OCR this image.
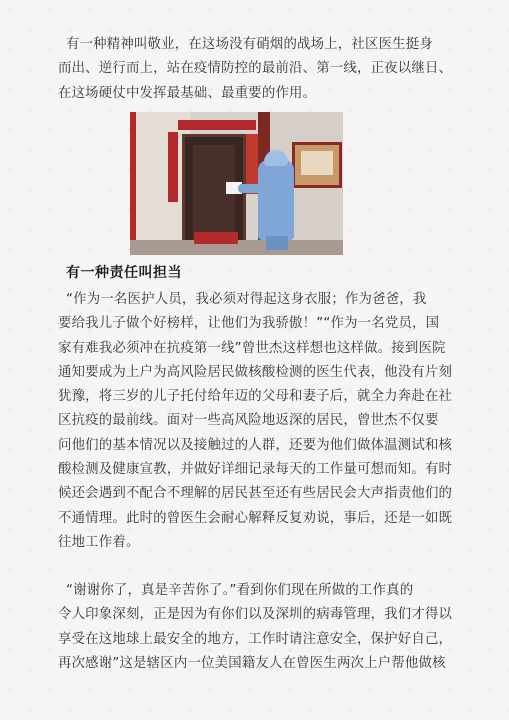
有一种精神叫敬业，在这场没有硝烟的战场上，社区医生挺身
而出、逆行而上，站在疫情防控的最前沿、第一线，正夜以继日、
在这场硬仗中发挥最基础、最重要的作用。

有一种责任叫担当

“作为一名医护人员，我必须对得起这身衣服；作为爸爸，我
要给我儿子做个好榜样，让他们为我骄傲！”“作为一名党员，国
家有难我必须冲在抗疫第一线”曾世杰这样想也这样做。接到医院
通知要成为上户为高风险居民做核酸检测的医生代表，他没有片刻
犹豫，将三岁的儿子托付给年迈的父母和妻子后，就全力奔赴在社
区抗疫的最前线。面对一些高风险地返深的居民，曾世杰不仅要
问他们的基本情况以及接触过的人群，还要为他们做体温测试和核
酸检测及健康宣教，并做好详细记录每天的工作量可想而知。有时
候还会遇到不配合不理解的居民甚至还有些居民会大声指责他们的
不通情理。此时的曾医生会耐心解释反复劝说，事后，还是一如既
往地工作着。

“谢谢你了，真是辛苦你了。”看到你们现在所做的工作真的
令人印象深刻，正是因为有你们以及深圳的病毒管理，我们才得以
享受在这地球上最安全的地方，工作时请注意安全，保护好自己，
再次感谢”这是辖区内一位美国籍友人在曾医生两次上户帮他做核
